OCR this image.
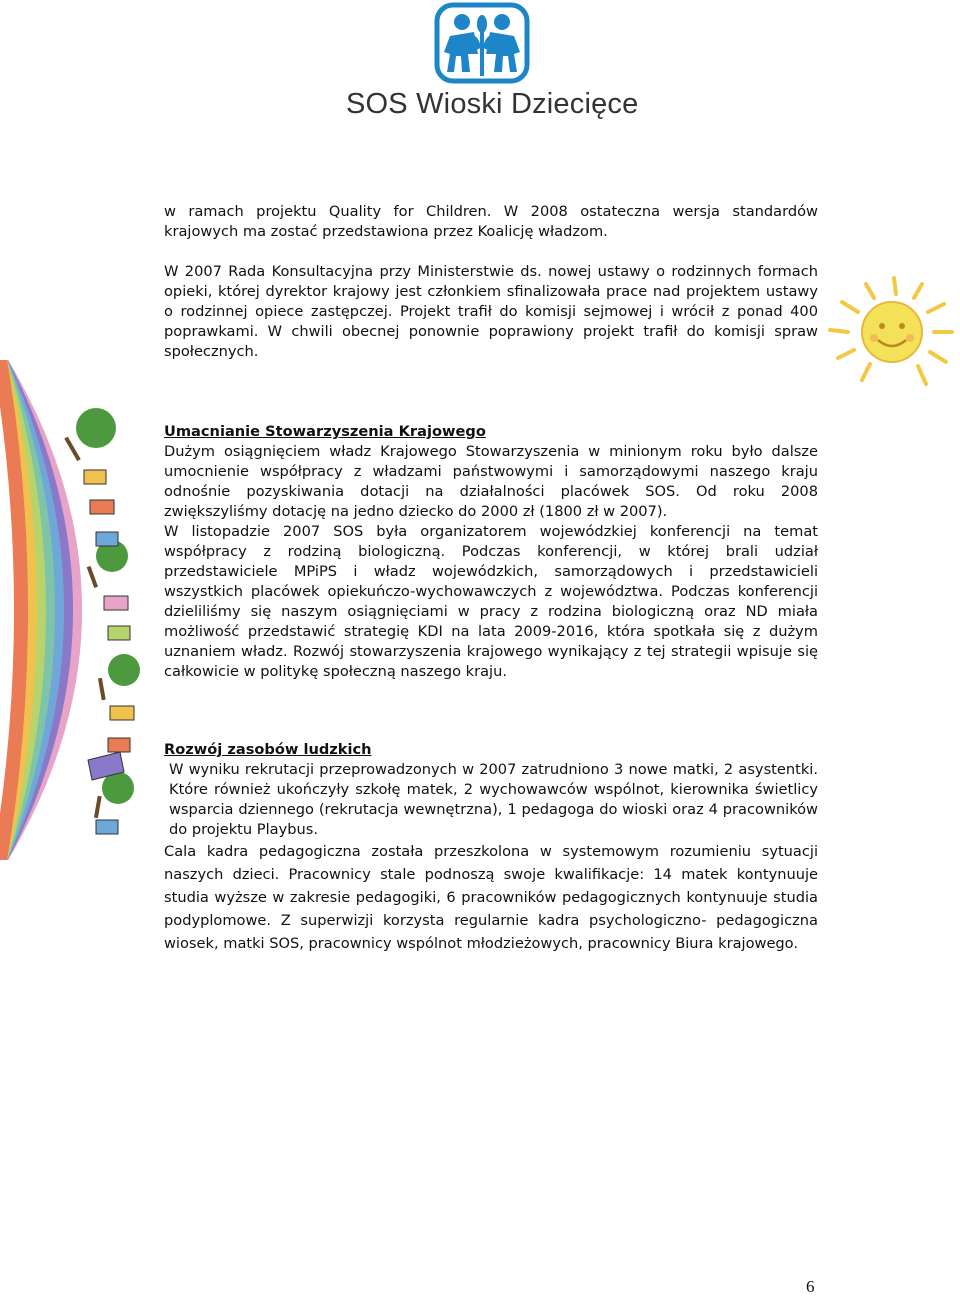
SOS Wioski Dziecięce

w ramach projektu Quality for Children. W 2008 ostateczna wersja standardów krajowych ma zostać przedstawiona przez Koalicję władzom.

W 2007 Rada Konsultacyjna przy Ministerstwie ds. nowej ustawy o rodzinnych formach opieki, której dyrektor krajowy jest członkiem sfinalizowała prace nad projektem ustawy o rodzinnej opiece zastępczej. Projekt trafił do komisji sejmowej i wrócił z ponad 400 poprawkami. W chwili obecnej ponownie poprawiony projekt trafił do komisji spraw społecznych.

Umacnianie Stowarzyszenia Krajowego

Dużym osiągnięciem władz Krajowego Stowarzyszenia w minionym roku było dalsze umocnienie współpracy z władzami państwowymi i samorządowymi naszego kraju odnośnie pozyskiwania dotacji na działalności placówek SOS. Od roku 2008 zwiększyliśmy dotację na jedno dziecko do 2000 zł (1800 zł w 2007).

W listopadzie 2007 SOS była organizatorem wojewódzkiej konferencji na temat współpracy z rodziną biologiczną. Podczas konferencji, w której brali udział przedstawiciele MPiPS i władz wojewódzkich, samorządowych i przedstawicieli wszystkich placówek opiekuńczo-wychowawczych z województwa. Podczas konferencji dzieliliśmy się naszym osiągnięciami w pracy z rodzina biologiczną oraz ND miała możliwość przedstawić strategię KDI na lata 2009-2016, która spotkała się z dużym uznaniem władz. Rozwój stowarzyszenia krajowego wynikający z tej strategii wpisuje się całkowicie w politykę społeczną naszego kraju.

Rozwój zasobów ludzkich

W wyniku rekrutacji przeprowadzonych w 2007 zatrudniono 3 nowe matki, 2 asystentki. Które również ukończyły szkołę matek, 2 wychowawców wspólnot, kierownika świetlicy wsparcia dziennego (rekrutacja wewnętrzna), 1 pedagoga do wioski oraz 4 pracowników do projektu Playbus.

Cala kadra pedagogiczna została przeszkolona w systemowym rozumieniu sytuacji naszych dzieci. Pracownicy stale podnoszą swoje kwalifikacje: 14 matek kontynuuje studia wyższe w zakresie pedagogiki, 6 pracowników pedagogicznych kontynuuje studia podyplomowe. Z superwizji korzysta regularnie kadra psychologiczno- pedagogiczna wiosek, matki SOS, pracownicy wspólnot młodzieżowych, pracownicy Biura krajowego.

6
